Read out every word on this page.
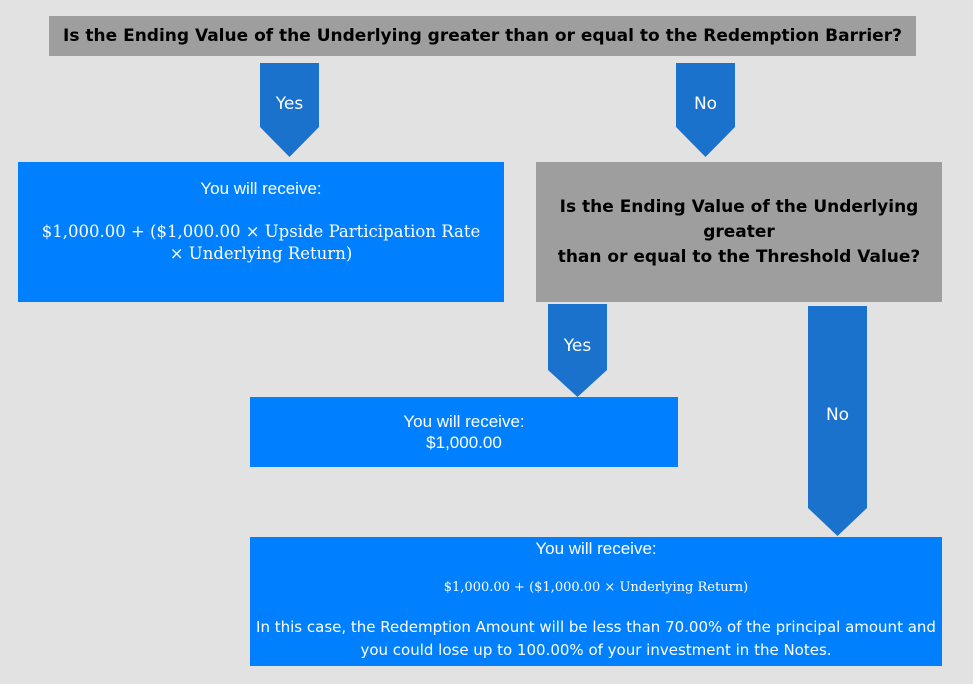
Is the Ending Value of the Underlying greater than or equal to the Redemption Barrier?
Yes	No
You will receive:
$1,000.00 + ($1,000.00 × Upside Participation Rate
× Underlying Return)
Is the Ending Value of the Underlying greater
than or equal to the Threshold Value?
Yes
No
You will receive:
$1,000.00
You will receive:
$1,000.00 + ($1,000.00 × Underlying Return)
In this case, the Redemption Amount will be less than 70.00% of the principal amount and
you could lose up to 100.00% of your investment in the Notes.
